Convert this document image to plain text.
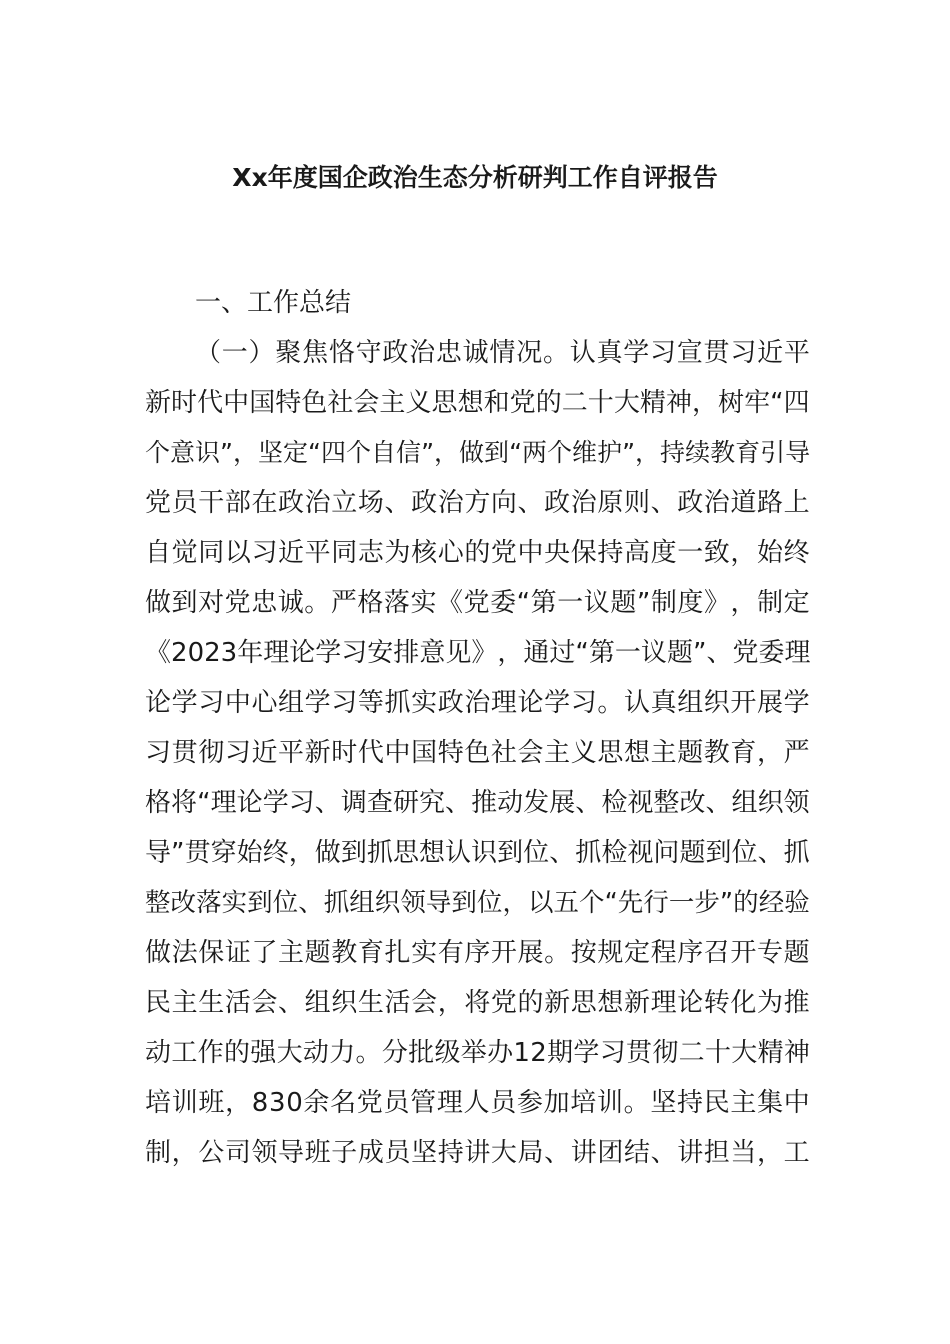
Xx年度国企政治生态分析研判工作自评报告
一、工作总结
（ 一 ） 聚 焦 恪 守 政 治 忠 诚 情 况 。 认 真 学 习 宣 贯 习 近 平
新 时 代 中 国 特 色 社 会 主 义 思 想 和 党 的 二 十 大 精 神 ， 树 牢 “ 四
个 意 识 ” ， 坚 定 “ 四 个 自 信 ” ， 做 到 “ 两 个 维 护 ” ， 持 续 教 育 引 导
党 员 干 部 在 政 治 立 场 、 政 治 方 向 、 政 治 原 则 、 政 治 道 路 上
自 觉 同 以 习 近 平 同 志 为 核 心 的 党 中 央 保 持 高 度 一 致 ， 始 终
做 到 对 党 忠 诚 。 严 格 落 实 《 党 委 “ 第 一 议 题 ” 制 度 》 ， 制 定
《 2 0 2 3 年 理 论 学 习 安 排 意 见 》 ， 通 过 “ 第 一 议 题 ” 、 党 委 理
论 学 习 中 心 组 学 习 等 抓 实 政 治 理 论 学 习 。 认 真 组 织 开 展 学
习 贯 彻 习 近 平 新 时 代 中 国 特 色 社 会 主 义 思 想 主 题 教 育 ， 严
格 将 “ 理 论 学 习 、 调 查 研 究 、 推 动 发 展 、 检 视 整 改 、 组 织 领
导 ” 贯 穿 始 终 ， 做 到 抓 思 想 认 识 到 位 、 抓 检 视 问 题 到 位 、 抓
整 改 落 实 到 位 、 抓 组 织 领 导 到 位 ， 以 五 个 “ 先 行 一 步 ” 的 经 验
做 法 保 证 了 主 题 教 育 扎 实 有 序 开 展 。 按 规 定 程 序 召 开 专 题
民 主 生 活 会 、 组 织 生 活 会 ， 将 党 的 新 思 想 新 理 论 转 化 为 推
动 工 作 的 强 大 动 力 。 分 批 级 举 办 1 2 期 学 习 贯 彻 二 十 大 精 神
培 训 班 ， 8 3 0 余 名 党 员 管 理 人 员 参 加 培 训 。 坚 持 民 主 集 中
制 ， 公 司 领 导 班 子 成 员 坚 持 讲 大 局 、 讲 团 结 、 讲 担 当 ， 工
